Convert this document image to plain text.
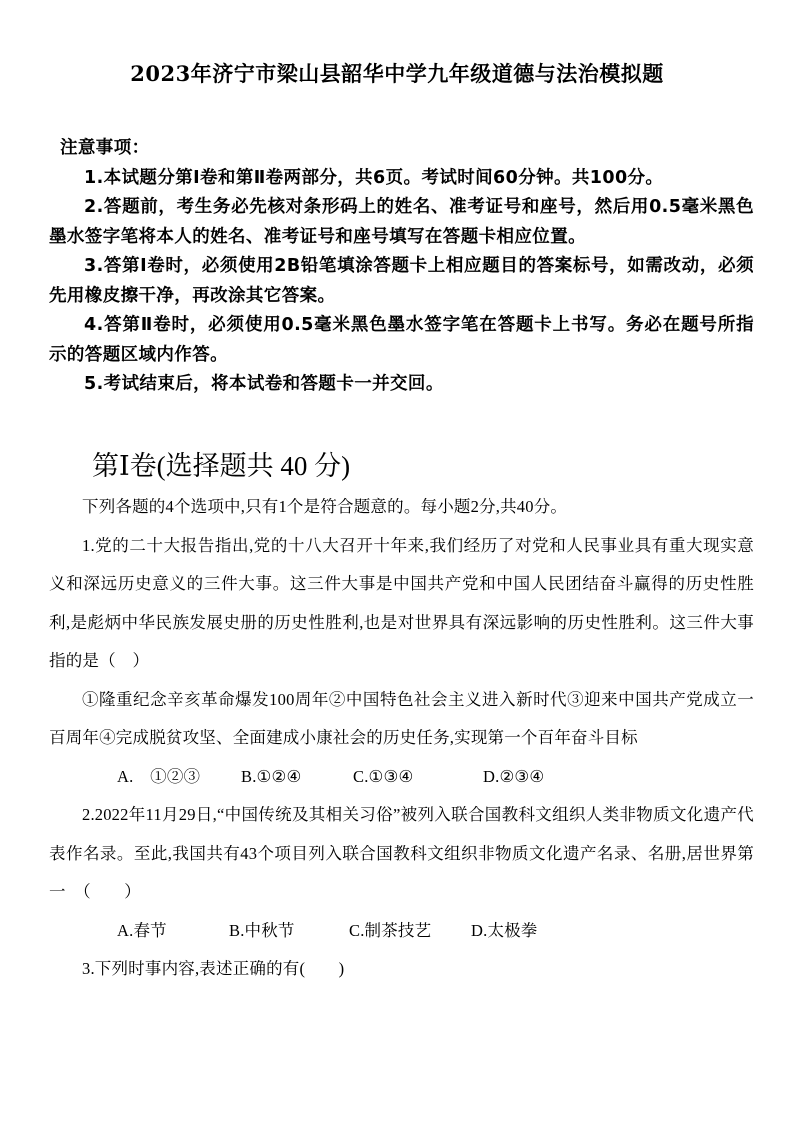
2023年济宁市梁山县韶华中学九年级道德与法治模拟题

注意事项：

1.本试题分第Ⅰ卷和第Ⅱ卷两部分，共6页。考试时间60分钟。共100分。

2.答题前，考生务必先核对条形码上的姓名、准考证号和座号，然后用0.5毫米黑色墨水签字笔将本人的姓名、准考证号和座号填写在答题卡相应位置。

3.答第Ⅰ卷时，必须使用2B铅笔填涂答题卡上相应题目的答案标号，如需改动，必须先用橡皮擦干净，再改涂其它答案。

4.答第Ⅱ卷时，必须使用0.5毫米黑色墨水签字笔在答题卡上书写。务必在题号所指示的答题区域内作答。

5.考试结束后，将本试卷和答题卡一并交回。

第Ⅰ卷(选择题共 40 分)

下列各题的4个选项中,只有1个是符合题意的。每小题2分,共40分。

1.党的二十大报告指出,党的十八大召开十年来,我们经历了对党和人民事业具有重大现实意义和深远历史意义的三件大事。这三件大事是中国共产党和中国人民团结奋斗赢得的历史性胜利,是彪炳中华民族发展史册的历史性胜利,也是对世界具有深远影响的历史性胜利。这三件大事指的是（　）

①隆重纪念辛亥革命爆发100周年②中国特色社会主义进入新时代③迎来中国共产党成立一百周年④完成脱贫攻坚、全面建成小康社会的历史任务,实现第一个百年奋斗目标

A.　①②③	B.①②④	C.①③④	D.②③④

2.2022年11月29日,“中国传统及其相关习俗”被列入联合国教科文组织人类非物质文化遗产代表作名录。至此,我国共有43个项目列入联合国教科文组织非物质文化遗产名录、名册,居世界第一　（　　）

A.春节	B.中秋节	C.制茶技艺	D.太极拳

3.下列时事内容,表述正确的有(　　)
